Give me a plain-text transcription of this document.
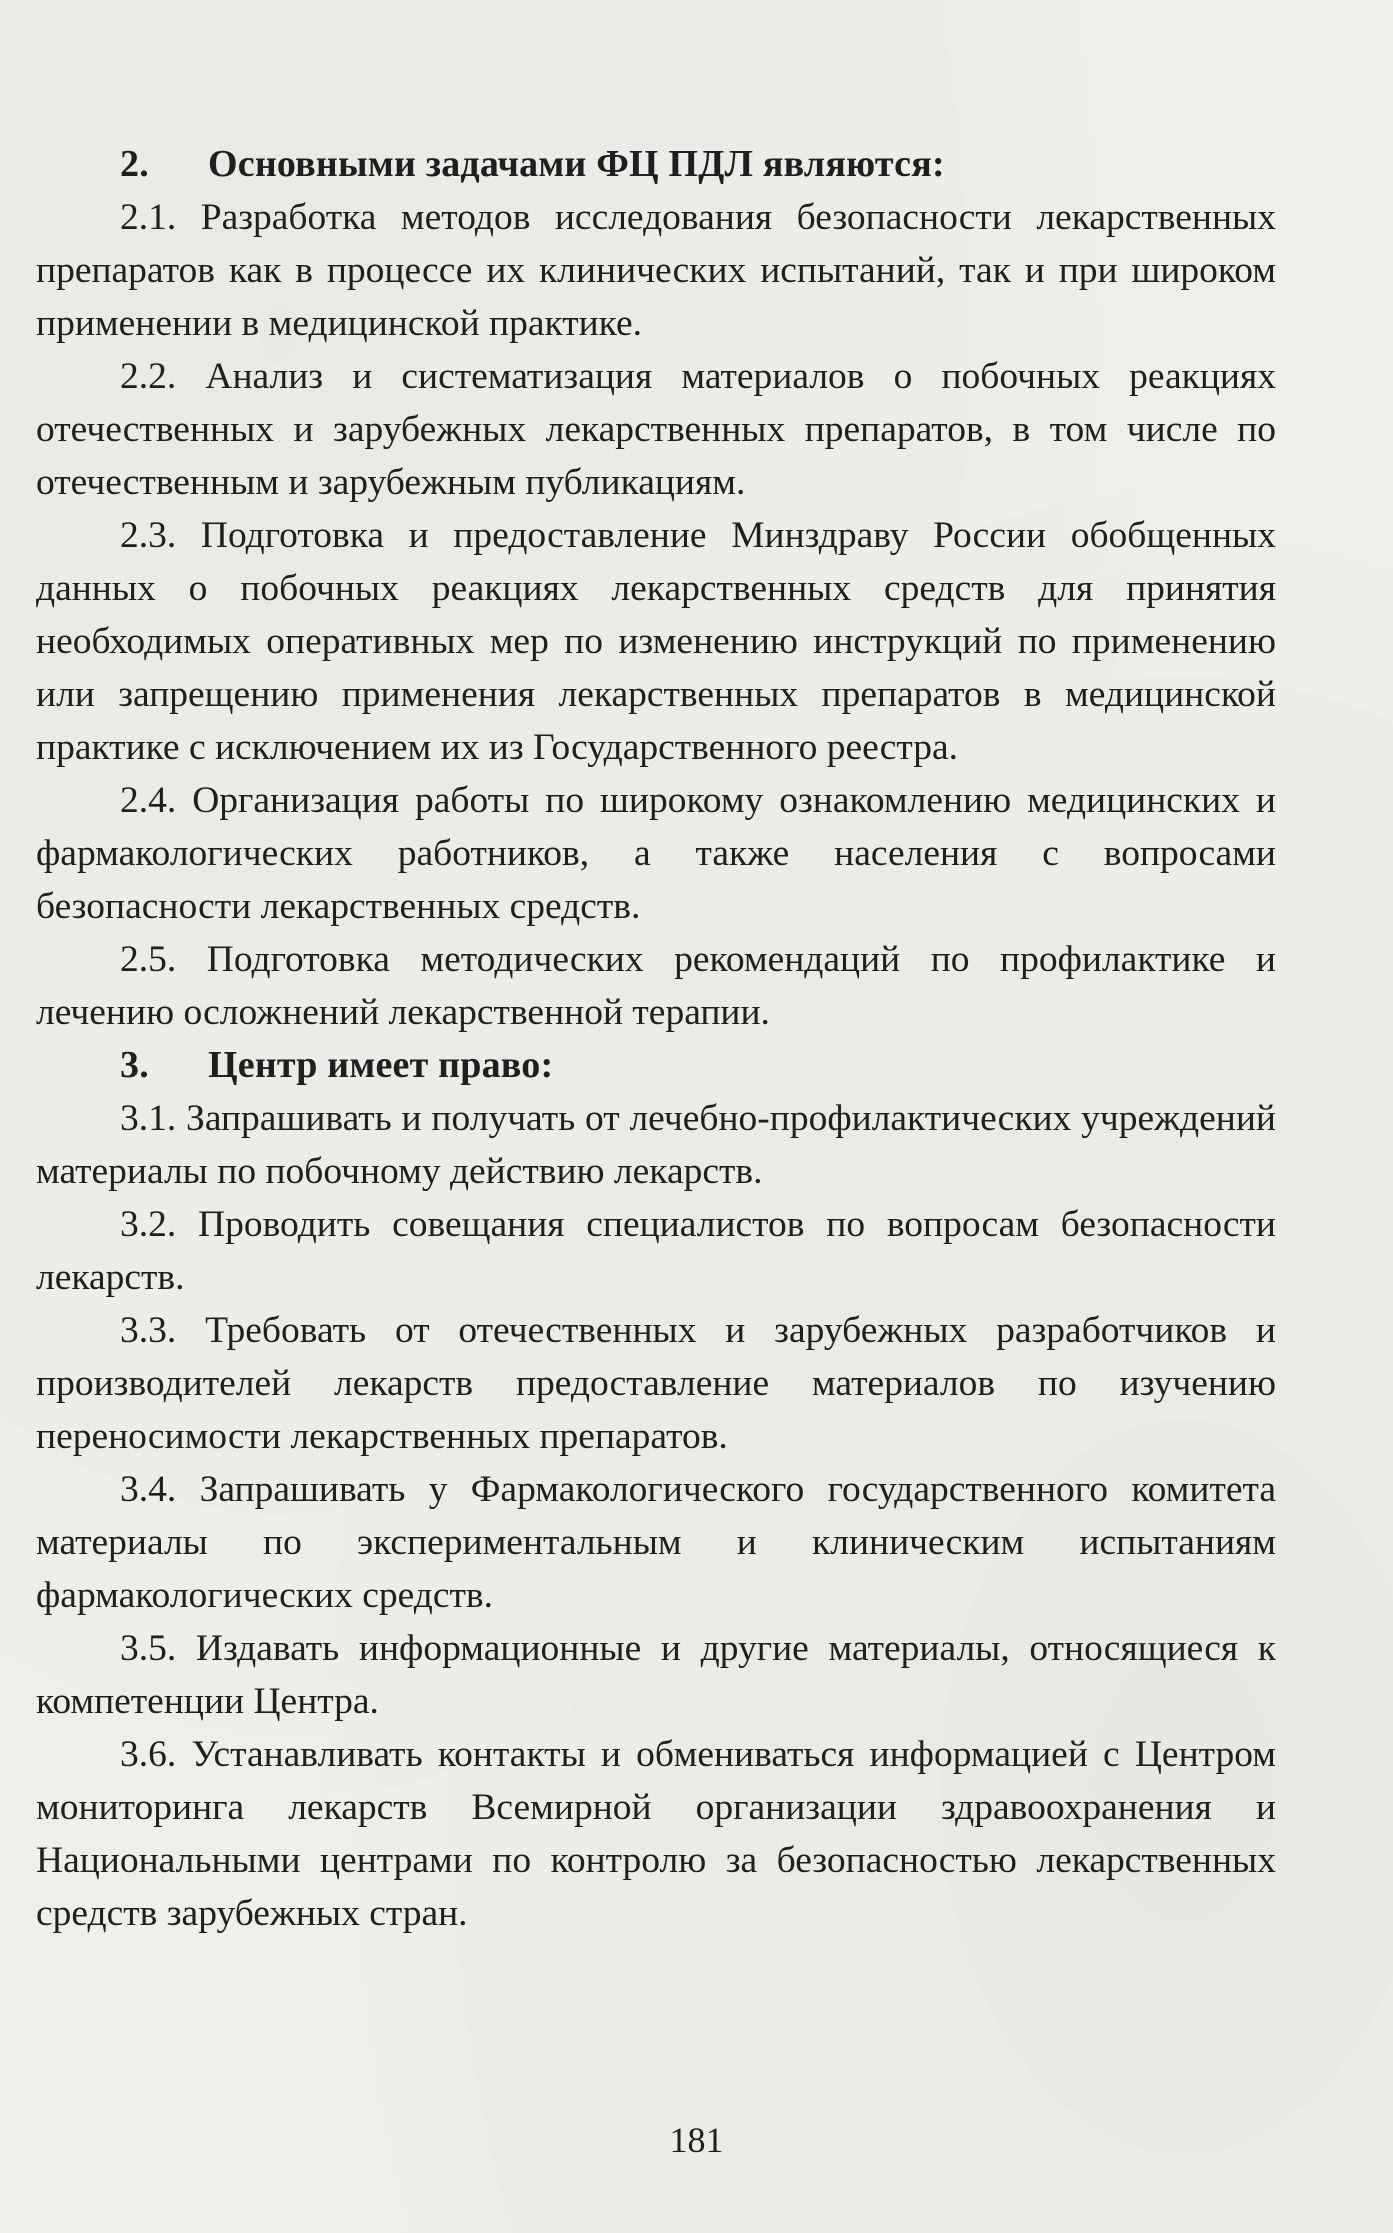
2. Основными задачами ФЦ ПДЛ являются:

2.1. Разработка методов исследования безопасности лекарственных препаратов как в процессе их клинических испытаний, так и при широком применении в медицинской практике.

2.2. Анализ и систематизация материалов о побочных реакциях отечественных и зарубежных лекарственных препаратов, в том числе по отечественным и зарубежным публикациям.

2.3. Подготовка и предоставление Минздраву России обобщенных данных о побочных реакциях лекарственных средств для принятия необходимых оперативных мер по изменению инструкций по применению или запрещению применения лекарственных препаратов в медицинской практике с исключением их из Государственного реестра.

2.4. Организация работы по широкому ознакомлению медицинских и фармакологических работников, а также населения с вопросами безопасности лекарственных средств.

2.5. Подготовка методических рекомендаций по профилактике и лечению осложнений лекарственной терапии.

3. Центр имеет право:

3.1. Запрашивать и получать от лечебно-профилактических учреждений материалы по побочному действию лекарств.

3.2. Проводить совещания специалистов по вопросам безопасности лекарств.

3.3. Требовать от отечественных и зарубежных разработчиков и производителей лекарств предоставление материалов по изучению переносимости лекарственных препаратов.

3.4. Запрашивать у Фармакологического государственного комитета материалы по экспериментальным и клиническим испытаниям фармакологических средств.

3.5. Издавать информационные и другие материалы, относящиеся к компетенции Центра.

3.6. Устанавливать контакты и обмениваться информацией с Центром мониторинга лекарств Всемирной организации здравоохранения и Национальными центрами по контролю за безопасностью лекарственных средств зарубежных стран.

181
